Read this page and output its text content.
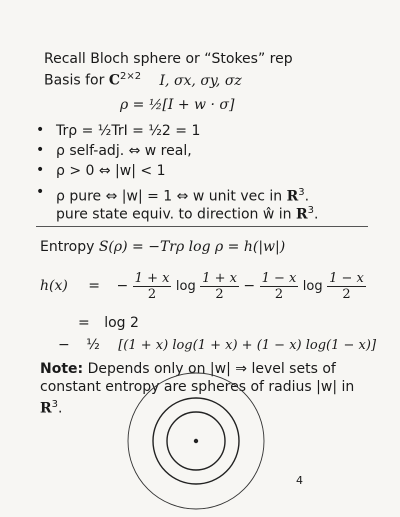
Recall Bloch sphere or “Stokes” rep
Basis for $C^{2\times 2}$ I, σx, σy, σz
ρ = ½[I + w · σ]
• Trρ = ½TrI = ½2 = 1
• ρ self-adj. ⇔ w real,
• ρ > 0 ⇔ |w| < 1
• ρ pure ⇔ |w| = 1 ⇔ w unit vec in $R^3$.
pure state equiv. to direction ŵ in $R^3$.
Entropy S(ρ) = −Trρ log ρ = h(|w|)
h(x) = − $\frac{1 + x}{2}$ $\log \frac{1 + x}{2} - \frac{1 - x}{2}$ $\log \frac{1 - x}{2}$
= log 2
− ½ [(1 + x) log(1 + x) + (1 − x) log(1 − x)]
Note: Depends only on |w| ⇒ level sets of
constant entropy are spheres of radius |w| in
$R^3$.
4
